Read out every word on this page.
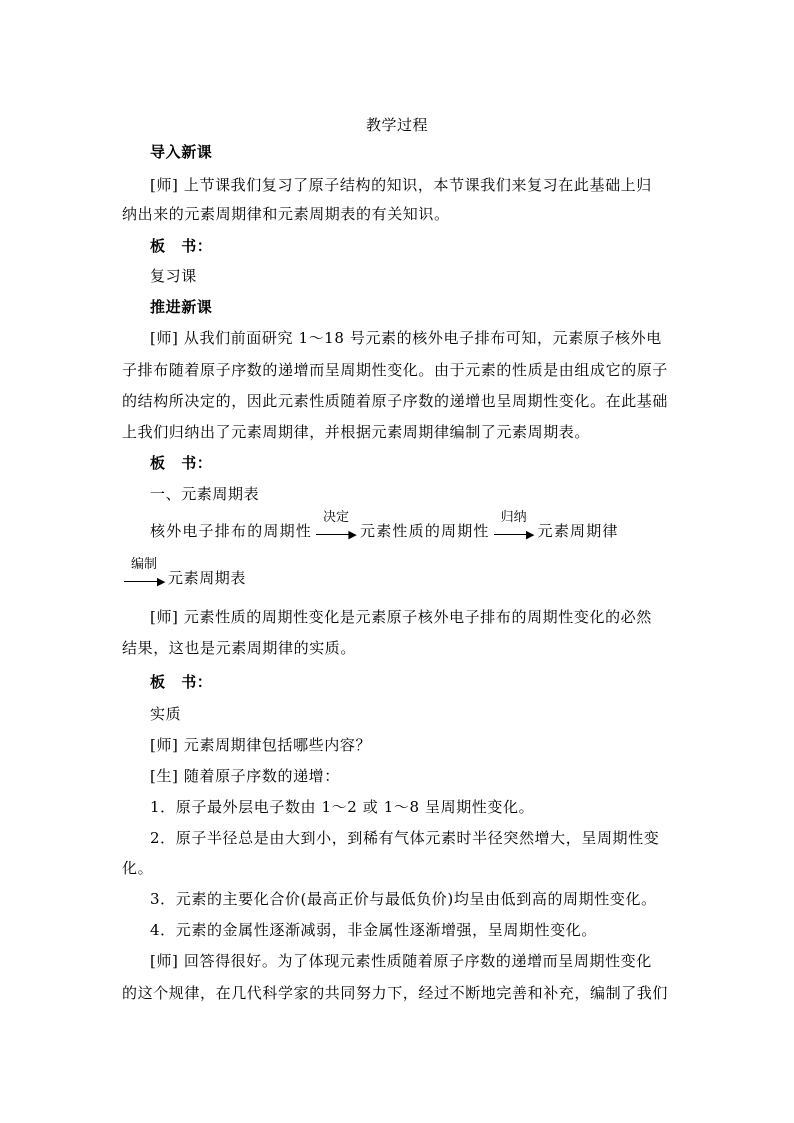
教学过程
导入新课
[师] 上节课我们复习了原子结构的知识，本节课我们来复习在此基础上归
纳出来的元素周期律和元素周期表的有关知识。
板　书：
复习课
推进新课
[师] 从我们前面研究 1～18 号元素的核外电子排布可知，元素原子核外电
子排布随着原子序数的递增而呈周期性变化。由于元素的性质是由组成它的原子
的结构所决定的，因此元素性质随着原子序数的递增也呈周期性变化。在此基础
上我们归纳出了元素周期律，并根据元素周期律编制了元素周期表。
板　书：
一、元素周期表
核外电子排布的周期性
决定
▶ 元素性质的周期性
归纳
▶ 元素周期律
编制
▶ 元素周期表
[师] 元素性质的周期性变化是元素原子核外电子排布的周期性变化的必然
结果，这也是元素周期律的实质。
板　书：
实质
[师] 元素周期律包括哪些内容？
[生] 随着原子序数的递增：
1．原子最外层电子数由 1～2 或 1～8 呈周期性变化。
2．原子半径总是由大到小，到稀有气体元素时半径突然增大，呈周期性变
化。
3．元素的主要化合价(最高正价与最低负价)均呈由低到高的周期性变化。
4．元素的金属性逐渐减弱，非金属性逐渐增强，呈周期性变化。
[师] 回答得很好。为了体现元素性质随着原子序数的递增而呈周期性变化
的这个规律，在几代科学家的共同努力下，经过不断地完善和补充，编制了我们
